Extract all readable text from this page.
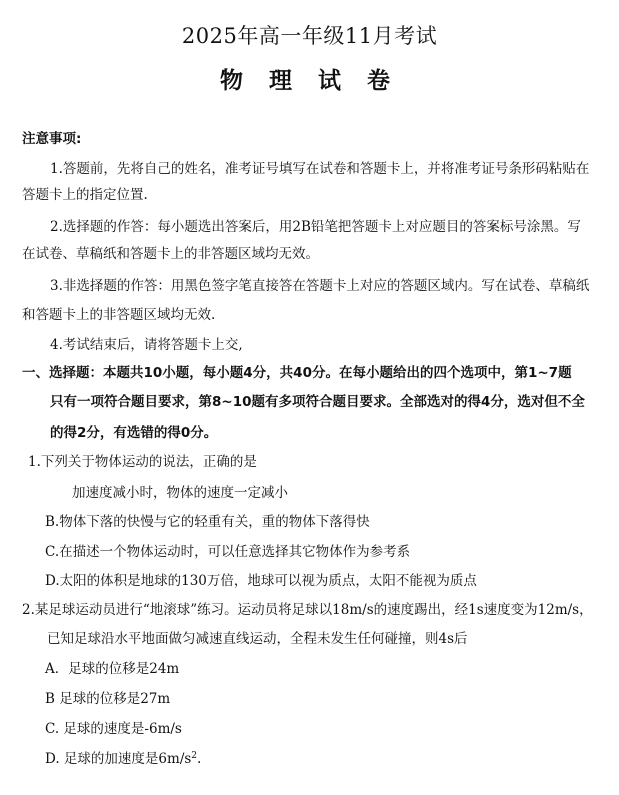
2025年高一年级11月考试
物 理 试 卷
注意事项:
1.答题前，先将自己的姓名，准考证号填写在试卷和答题卡上，并将准考证号条形码粘贴在
答题卡上的指定位置.
2.选择题的作答：每小题选出答案后，用2B铅笔把答题卡上对应题目的答案标号涂黑。写
在试卷、草稿纸和答题卡上的非答题区域均无效。
3.非选择题的作答：用黑色签字笔直接答在答题卡上对应的答题区域内。写在试卷、草稿纸
和答题卡上的非答题区域均无效.
4.考试结束后，请将答题卡上交,
一、选择题：本题共10小题，每小题4分，共40分。在每小题给出的四个选项中，第1~7题
只有一项符合题目要求，第8~10题有多项符合题目要求。全部选对的得4分，选对但不全
的得2分，有选错的得0分。
1.下列关于物体运动的说法，正确的是
加速度减小时，物体的速度一定减小
B.物体下落的快慢与它的轻重有关，重的物体下落得快
C.在描述一个物体运动时，可以任意选择其它物体作为参考系
D.太阳的体积是地球的130万倍，地球可以视为质点，太阳不能视为质点
2.某足球运动员进行“地滚球”练习。运动员将足球以18m/s的速度踢出，经1s速度变为12m/s，
已知足球沿水平地面做匀减速直线运动，全程未发生任何碰撞，则4s后
A．足球的位移是24m
B 足球的位移是27m
C. 足球的速度是-6m/s
D. 足球的加速度是$6m/s^2$.
